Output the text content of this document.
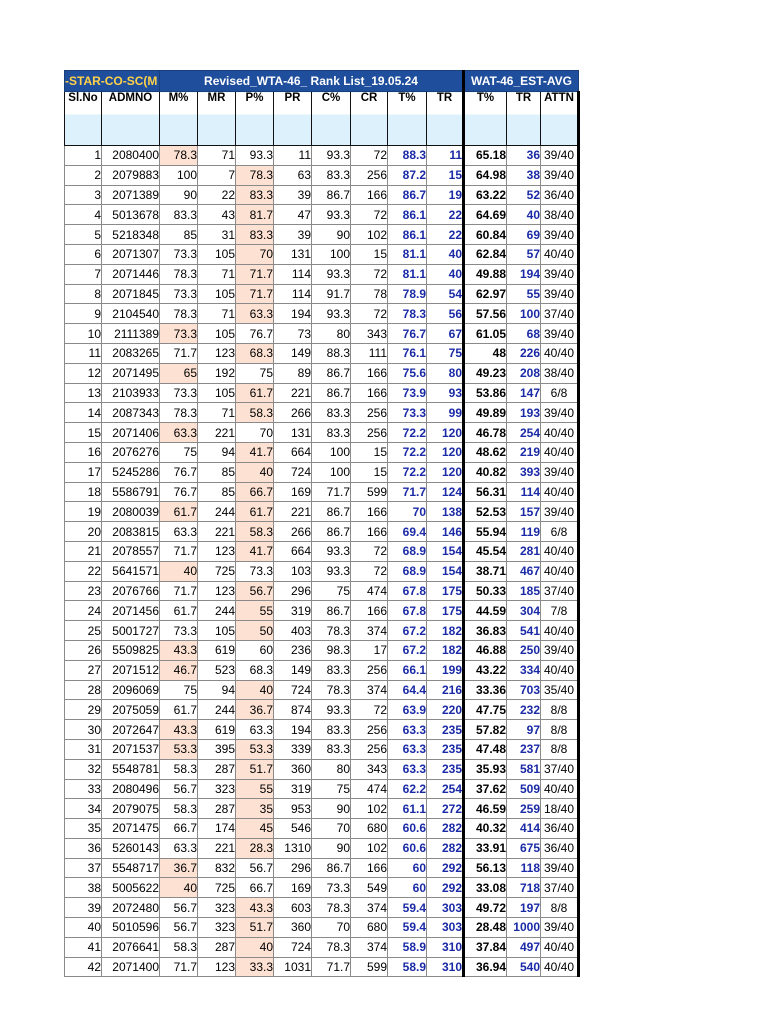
-STAR-CO-SC(M		Revised_WTA-46_ Rank List_19.05.24								WAT-46_EST-AVG		
Sl.No	ADMNO	M%	MR	P%	PR	C%	CR	T%	TR	T%	TR	ATTN
1	2080400	78.3	71	93.3	11	93.3	72	88.3	11	65.18	36	39/40
2	2079883	100	7	78.3	63	83.3	256	87.2	15	64.98	38	39/40
3	2071389	90	22	83.3	39	86.7	166	86.7	19	63.22	52	36/40
4	5013678	83.3	43	81.7	47	93.3	72	86.1	22	64.69	40	38/40
5	5218348	85	31	83.3	39	90	102	86.1	22	60.84	69	39/40
6	2071307	73.3	105	70	131	100	15	81.1	40	62.84	57	40/40
7	2071446	78.3	71	71.7	114	93.3	72	81.1	40	49.88	194	39/40
8	2071845	73.3	105	71.7	114	91.7	78	78.9	54	62.97	55	39/40
9	2104540	78.3	71	63.3	194	93.3	72	78.3	56	57.56	100	37/40
10	2111389	73.3	105	76.7	73	80	343	76.7	67	61.05	68	39/40
11	2083265	71.7	123	68.3	149	88.3	111	76.1	75	48	226	40/40
12	2071495	65	192	75	89	86.7	166	75.6	80	49.23	208	38/40
13	2103933	73.3	105	61.7	221	86.7	166	73.9	93	53.86	147	6/8
14	2087343	78.3	71	58.3	266	83.3	256	73.3	99	49.89	193	39/40
15	2071406	63.3	221	70	131	83.3	256	72.2	120	46.78	254	40/40
16	2076276	75	94	41.7	664	100	15	72.2	120	48.62	219	40/40
17	5245286	76.7	85	40	724	100	15	72.2	120	40.82	393	39/40
18	5586791	76.7	85	66.7	169	71.7	599	71.7	124	56.31	114	40/40
19	2080039	61.7	244	61.7	221	86.7	166	70	138	52.53	157	39/40
20	2083815	63.3	221	58.3	266	86.7	166	69.4	146	55.94	119	6/8
21	2078557	71.7	123	41.7	664	93.3	72	68.9	154	45.54	281	40/40
22	5641571	40	725	73.3	103	93.3	72	68.9	154	38.71	467	40/40
23	2076766	71.7	123	56.7	296	75	474	67.8	175	50.33	185	37/40
24	2071456	61.7	244	55	319	86.7	166	67.8	175	44.59	304	7/8
25	5001727	73.3	105	50	403	78.3	374	67.2	182	36.83	541	40/40
26	5509825	43.3	619	60	236	98.3	17	67.2	182	46.88	250	39/40
27	2071512	46.7	523	68.3	149	83.3	256	66.1	199	43.22	334	40/40
28	2096069	75	94	40	724	78.3	374	64.4	216	33.36	703	35/40
29	2075059	61.7	244	36.7	874	93.3	72	63.9	220	47.75	232	8/8
30	2072647	43.3	619	63.3	194	83.3	256	63.3	235	57.82	97	8/8
31	2071537	53.3	395	53.3	339	83.3	256	63.3	235	47.48	237	8/8
32	5548781	58.3	287	51.7	360	80	343	63.3	235	35.93	581	37/40
33	2080496	56.7	323	55	319	75	474	62.2	254	37.62	509	40/40
34	2079075	58.3	287	35	953	90	102	61.1	272	46.59	259	18/40
35	2071475	66.7	174	45	546	70	680	60.6	282	40.32	414	36/40
36	5260143	63.3	221	28.3	1310	90	102	60.6	282	33.91	675	36/40
37	5548717	36.7	832	56.7	296	86.7	166	60	292	56.13	118	39/40
38	5005622	40	725	66.7	169	73.3	549	60	292	33.08	718	37/40
39	2072480	56.7	323	43.3	603	78.3	374	59.4	303	49.72	197	8/8
40	5010596	56.7	323	51.7	360	70	680	59.4	303	28.48	1000	39/40
41	2076641	58.3	287	40	724	78.3	374	58.9	310	37.84	497	40/40
42	2071400	71.7	123	33.3	1031	71.7	599	58.9	310	36.94	540	40/40
